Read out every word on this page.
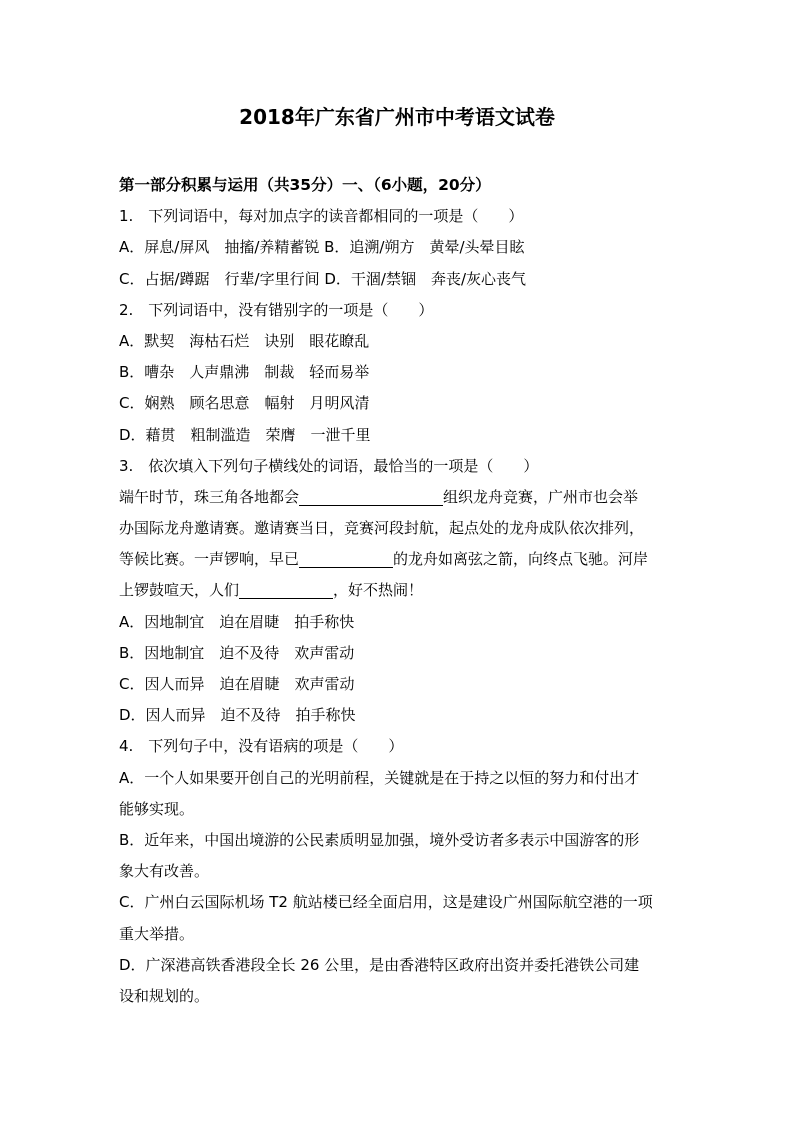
2018年广东省广州市中考语文试卷
第一部分积累与运用（共35分）一、（6小题，20分）
1.　下列词语中，每对加点字的读音都相同的一项是（　　）
A．屏息/屏风　抽搐/养精蓄锐 B．追溯/朔方　黄晕/头晕目眩
C．占据/蹲踞　行辈/字里行间 D．干涸/禁锢　奔丧/灰心丧气
2.　下列词语中，没有错别字的一项是（　　）
A．默契　海枯石烂　诀别　眼花瞭乱
B．嘈杂　人声鼎沸　制裁　轻而易举
C．娴熟　顾名思意　幅射　月明风清
D．藉贯　粗制滥造　荣膺　一泄千里
3.　依次填入下列句子横线处的词语，最恰当的一项是（　　）
端午时节，珠三角各地都会	组织龙舟竞赛，广州市也会举
办国际龙舟邀请赛。邀请赛当日，竞赛河段封航，起点处的龙舟成队依次排列，
等候比赛。一声锣响，早已	的龙舟如离弦之箭，向终点飞驰。河岸
上锣鼓喧天，人们	，好不热闹！
A．因地制宜　迫在眉睫　拍手称快
B．因地制宜　迫不及待　欢声雷动
C．因人而异　迫在眉睫　欢声雷动
D．因人而异　迫不及待　拍手称快
4.　下列句子中，没有语病的项是（　　）
A．一个人如果要开创自己的光明前程，关键就是在于持之以恒的努力和付出才
能够实现。
B．近年来，中国出境游的公民素质明显加强，境外受访者多表示中国游客的形
象大有改善。
C．广州白云国际机场 T2 航站楼已经全面启用，这是建设广州国际航空港的一项
重大举措。
D．广深港高铁香港段全长 26 公里，是由香港特区政府出资并委托港铁公司建
设和规划的。
